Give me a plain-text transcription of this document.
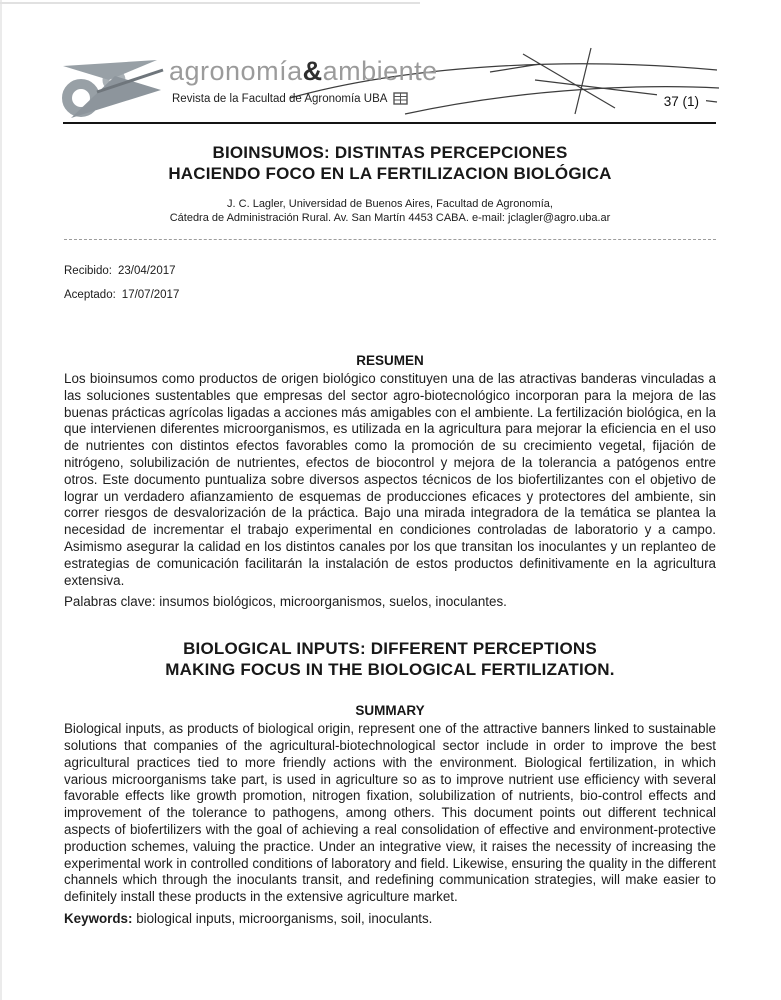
agronomía&ambiente
Revista de la Facultad de Agronomía UBA	37 (1)
BIOINSUMOS: DISTINTAS PERCEPCIONES
HACIENDO FOCO EN LA FERTILIZACION BIOLÓGICA
J. C. Lagler, Universidad de Buenos Aires, Facultad de Agronomía,
Cátedra de Administración Rural. Av. San Martín 4453 CABA. e-mail: jclagler@agro.uba.ar
Recibido: 23/04/2017
Aceptado: 17/07/2017
RESUMEN

Los bioinsumos como productos de origen biológico constituyen una de las atractivas banderas vinculadas a las soluciones sustentables que empresas del sector agro-biotecnológico incorporan para la mejora de las buenas prácticas agrícolas ligadas a acciones más amigables con el ambiente. La fertilización biológica, en la que intervienen diferentes microorganismos, es utilizada en la agricultura para mejorar la eficiencia en el uso de nutrientes con distintos efectos favorables como la promoción de su crecimiento vegetal, fijación de nitrógeno, solubilización de nutrientes, efectos de biocontrol y mejora de la tolerancia a patógenos entre otros. Este documento puntualiza sobre diversos aspectos técnicos de los biofertilizantes con el objetivo de lograr un verdadero afianzamiento de esquemas de producciones eficaces y protectores del ambiente, sin correr riesgos de desvalorización de la práctica. Bajo una mirada integradora de la temática se plantea la necesidad de incrementar el trabajo experimental en condiciones controladas de laboratorio y a campo. Asimismo asegurar la calidad en los distintos canales por los que transitan los inoculantes y un replanteo de estrategias de comunicación facilitarán la instalación de estos productos definitivamente en la agricultura extensiva.

Palabras clave: insumos biológicos, microorganismos, suelos, inoculantes.

BIOLOGICAL INPUTS: DIFFERENT PERCEPTIONS
MAKING FOCUS IN THE BIOLOGICAL FERTILIZATION.
SUMMARY

Biological inputs, as products of biological origin, represent one of the attractive banners linked to sustainable solutions that companies of the agricultural-biotechnological sector include in order to improve the best agricultural practices tied to more friendly actions with the environment. Biological fertilization, in which various microorganisms take part, is used in agriculture so as to improve nutrient use efficiency with several favorable effects like growth promotion, nitrogen fixation, solubilization of nutrients, bio-control effects and improvement of the tolerance to pathogens, among others. This document points out different technical aspects of biofertilizers with the goal of achieving a real consolidation of effective and environment-protective production schemes, valuing the practice. Under an integrative view, it raises the necessity of increasing the experimental work in controlled conditions of laboratory and field. Likewise, ensuring the quality in the different channels which through the inoculants transit, and redefining communication strategies, will make easier to definitely install these products in the extensive agriculture market.

Keywords: biological inputs, microorganisms, soil, inoculants.
